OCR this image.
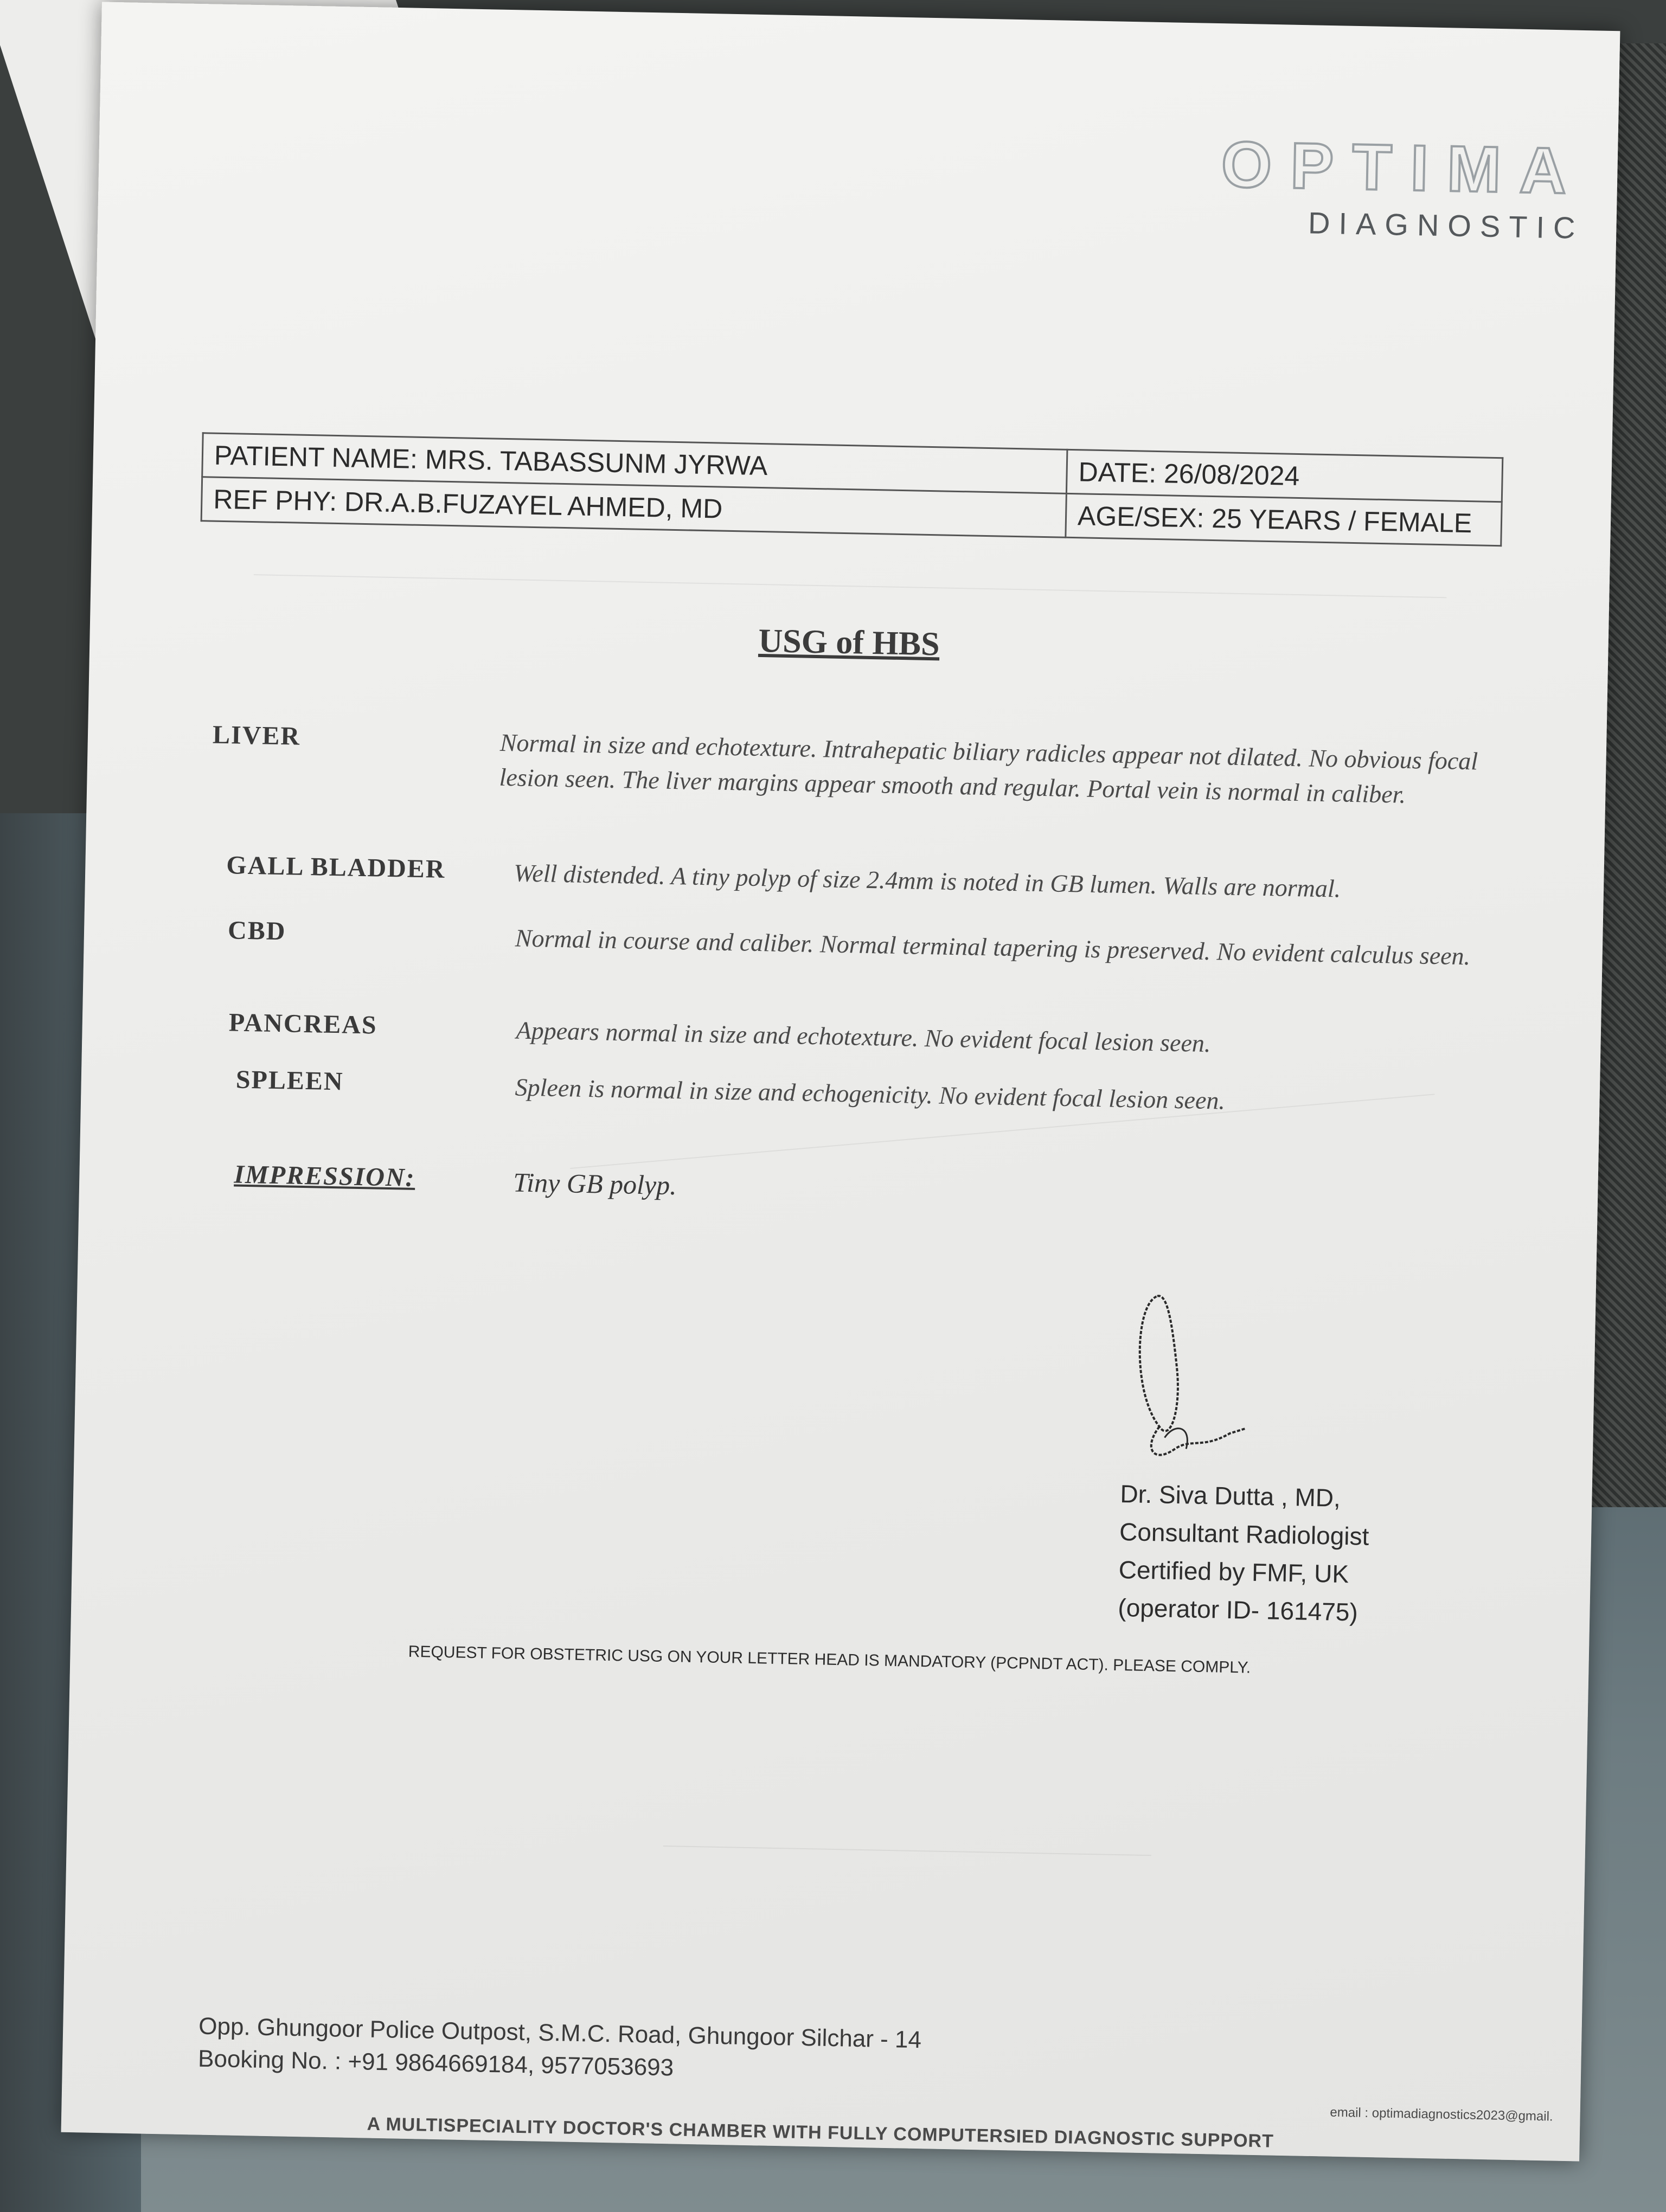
OPTIMA
DIAGNOSTIC
PATIENT NAME: MRS. TABASSUNM JYRWA	DATE: 26/08/2024
REF PHY: DR.A.B.FUZAYEL AHMED, MD	AGE/SEX: 25 YEARS / FEMALE
USG of HBS
LIVER	Normal in size and echotexture. Intrahepatic biliary radicles appear not dilated. No obvious focal lesion seen. The liver margins appear smooth and regular. Portal vein is normal in caliber.
GALL BLADDER	Well distended. A tiny polyp of size 2.4mm is noted in GB lumen. Walls are normal.
CBD	Normal in course and caliber. Normal terminal tapering is preserved. No evident calculus seen.
PANCREAS	Appears normal in size and echotexture. No evident focal lesion seen.
SPLEEN	Spleen is normal in size and echogenicity. No evident focal lesion seen.
IMPRESSION:	Tiny GB polyp.
Dr. Siva Dutta , MD,
Consultant Radiologist
Certified by FMF, UK
(operator ID- 161475)
REQUEST FOR OBSTETRIC USG ON YOUR LETTER HEAD IS MANDATORY (PCPNDT ACT). PLEASE COMPLY.
Opp. Ghungoor Police Outpost, S.M.C. Road, Ghungoor Silchar - 14
Booking No. : +91 9864669184, 9577053693
email : optimadiagnostics2023@gmail.
A MULTISPECIALITY DOCTOR'S CHAMBER WITH FULLY COMPUTERSIED DIAGNOSTIC SUPPORT
